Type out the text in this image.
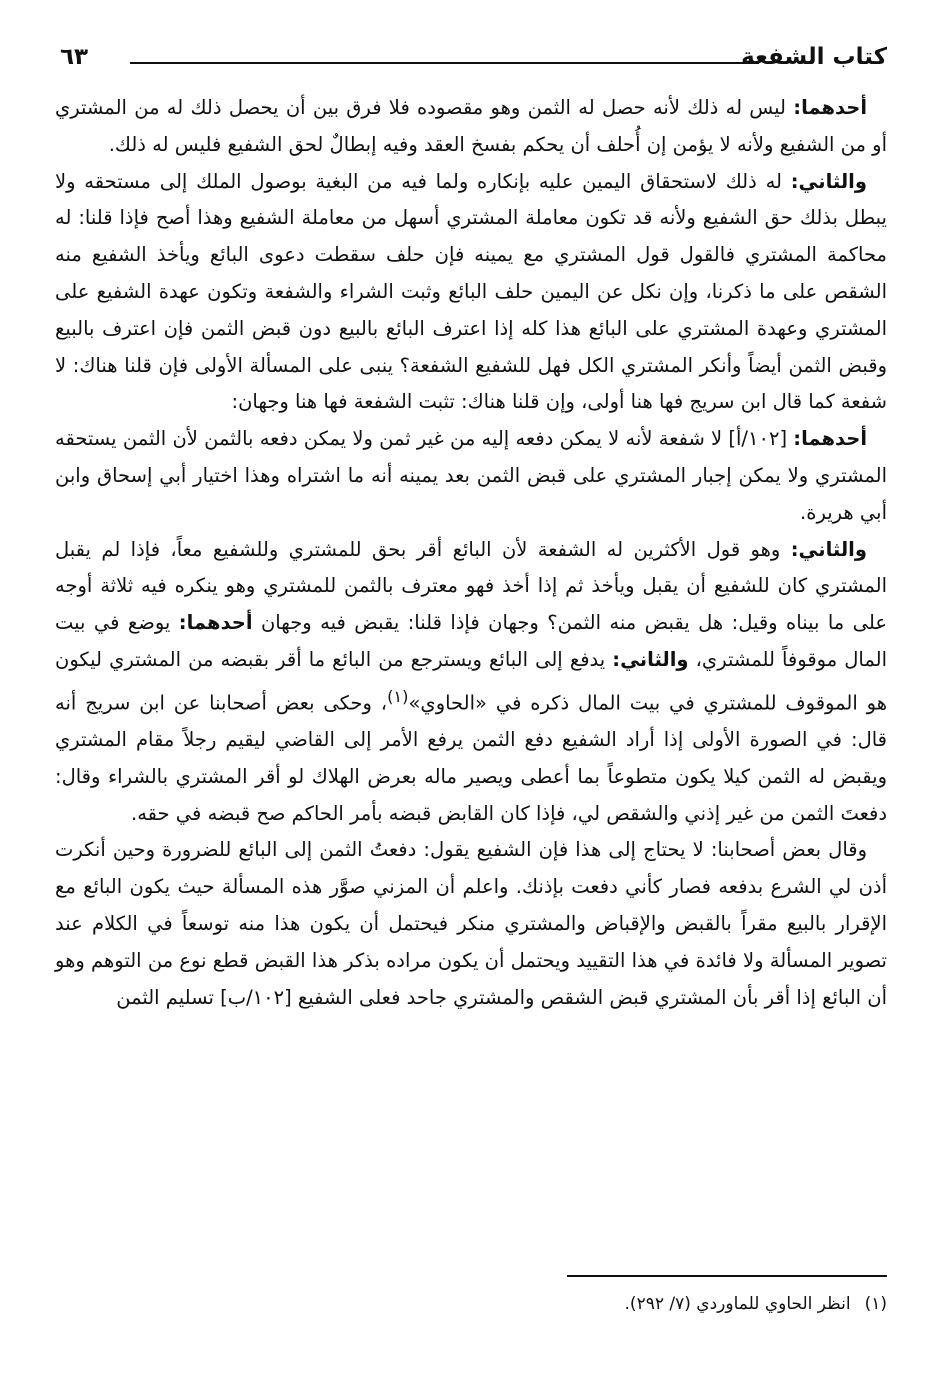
كتاب الشفعة
٦٣

أحدهما: ليس له ذلك لأنه حصل له الثمن وهو مقصوده فلا فرق بين أن يحصل ذلك له من المشتري أو من الشفيع ولأنه لا يؤمن إن أُحلف أن يحكم بفسخ العقد وفيه إبطالٌ لحق الشفيع فليس له ذلك.

والثاني: له ذلك لاستحقاق اليمين عليه بإنكاره ولما فيه من البغية بوصول الملك إلى مستحقه ولا يبطل بذلك حق الشفيع ولأنه قد تكون معاملة المشتري أسهل من معاملة الشفيع وهذا أصح فإذا قلنا: له محاكمة المشتري فالقول قول المشتري مع يمينه فإن حلف سقطت دعوى البائع ويأخذ الشفيع منه الشقص على ما ذكرنا، وإن نكل عن اليمين حلف البائع وثبت الشراء والشفعة وتكون عهدة الشفيع على المشتري وعهدة المشتري على البائع هذا كله إذا اعترف البائع بالبيع دون قبض الثمن فإن اعترف بالبيع وقبض الثمن أيضاً وأنكر المشتري الكل فهل للشفيع الشفعة؟ ينبى على المسألة الأولى فإن قلنا هناك: لا شفعة كما قال ابن سريج فها هنا أولى، وإن قلنا هناك: تثبت الشفعة فها هنا وجهان:

أحدهما: [١٠٢/أ] لا شفعة لأنه لا يمكن دفعه إليه من غير ثمن ولا يمكن دفعه بالثمن لأن الثمن يستحقه المشتري ولا يمكن إجبار المشتري على قبض الثمن بعد يمينه أنه ما اشتراه وهذا اختيار أبي إسحاق وابن أبي هريرة.

والثاني: وهو قول الأكثرين له الشفعة لأن البائع أقر بحق للمشتري وللشفيع معاً، فإذا لم يقبل المشتري كان للشفيع أن يقبل ويأخذ ثم إذا أخذ فهو معترف بالثمن للمشتري وهو ينكره فيه ثلاثة أوجه على ما بيناه وقيل: هل يقبض منه الثمن؟ وجهان فإذا قلنا: يقبض فيه وجهان أحدهما: يوضع في بيت المال موقوفاً للمشتري، والثاني: يدفع إلى البائع ويسترجع من البائع ما أقر بقبضه من المشتري ليكون هو الموقوف للمشتري في بيت المال ذكره في «الحاوي»$^{(١)}$، وحكى بعض أصحابنا عن ابن سريج أنه قال: في الصورة الأولى إذا أراد الشفيع دفع الثمن يرفع الأمر إلى القاضي ليقيم رجلاً مقام المشتري ويقبض له الثمن كيلا يكون متطوعاً بما أعطى ويصير ماله بعرض الهلاك لو أقر المشتري بالشراء وقال: دفعتَ الثمن من غير إذني والشقص لي، فإذا كان القابض قبضه بأمر الحاكم صح قبضه في حقه.

وقال بعض أصحابنا: لا يحتاج إلى هذا فإن الشفيع يقول: دفعتُ الثمن إلى البائع للضرورة وحين أنكرت أذن لي الشرع بدفعه فصار كأني دفعت بإذنك. واعلم أن المزني صوَّر هذه المسألة حيث يكون البائع مع الإقرار بالبيع مقراً بالقبض والإقباض والمشتري منكر فيحتمل أن يكون هذا منه توسعاً في الكلام عند تصوير المسألة ولا فائدة في هذا التقييد ويحتمل أن يكون مراده بذكر هذا القبض قطع نوع من التوهم وهو أن البائع إذا أقر بأن المشتري قبض الشقص والمشتري جاحد فعلى الشفيع [١٠٢/ب] تسليم الثمن

(١)انظر الحاوي للماوردي (٧/ ٢٩٢).
